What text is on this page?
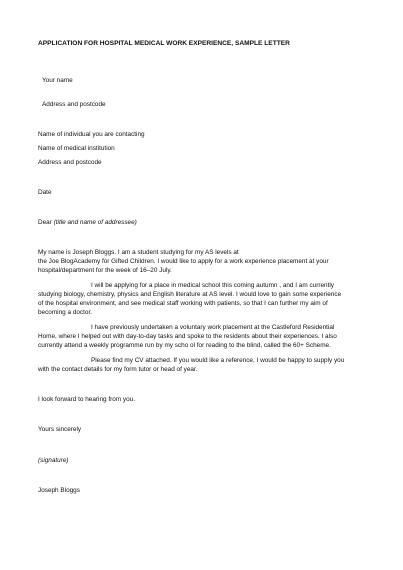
APPLICATION FOR HOSPITAL MEDICAL WORK EXPERIENCE, SAMPLE LETTER
Your name
Address and postcode
Name of individual you are contacting
Name of medical institution
Address and postcode
Date
Dear (title and name of addressee)
My name is Joseph Bloggs. I am a student studying for my AS levels at
the Joe BlogAcademy for Gifted Children. I would like to apply for a work experience placement at your
hospital/department for the week of 16–20 July.
I will be applying for a place in medical school this coming autumn , and I am currently
studying biology, chemistry, physics and English literature at AS level. I would love to gain some experience
of the hospital environment, and see medical staff working with patients, so that I can further my aim of
becoming a doctor.
I have previously undertaken a voluntary work placement at the Castleford Residential
Home, where I helped out with day-to-day tasks and spoke to the residents about their experiences. I also
currently attend a weekly programme run by my scho ol for reading to the blind, called the 60+ Scheme.
Please find my CV attached. If you would like a reference, I would be happy to supply you
with the contact details for my form tutor or head of year.
I look forward to hearing from you.
Yours sincerely
(signature)
Joseph Bloggs
